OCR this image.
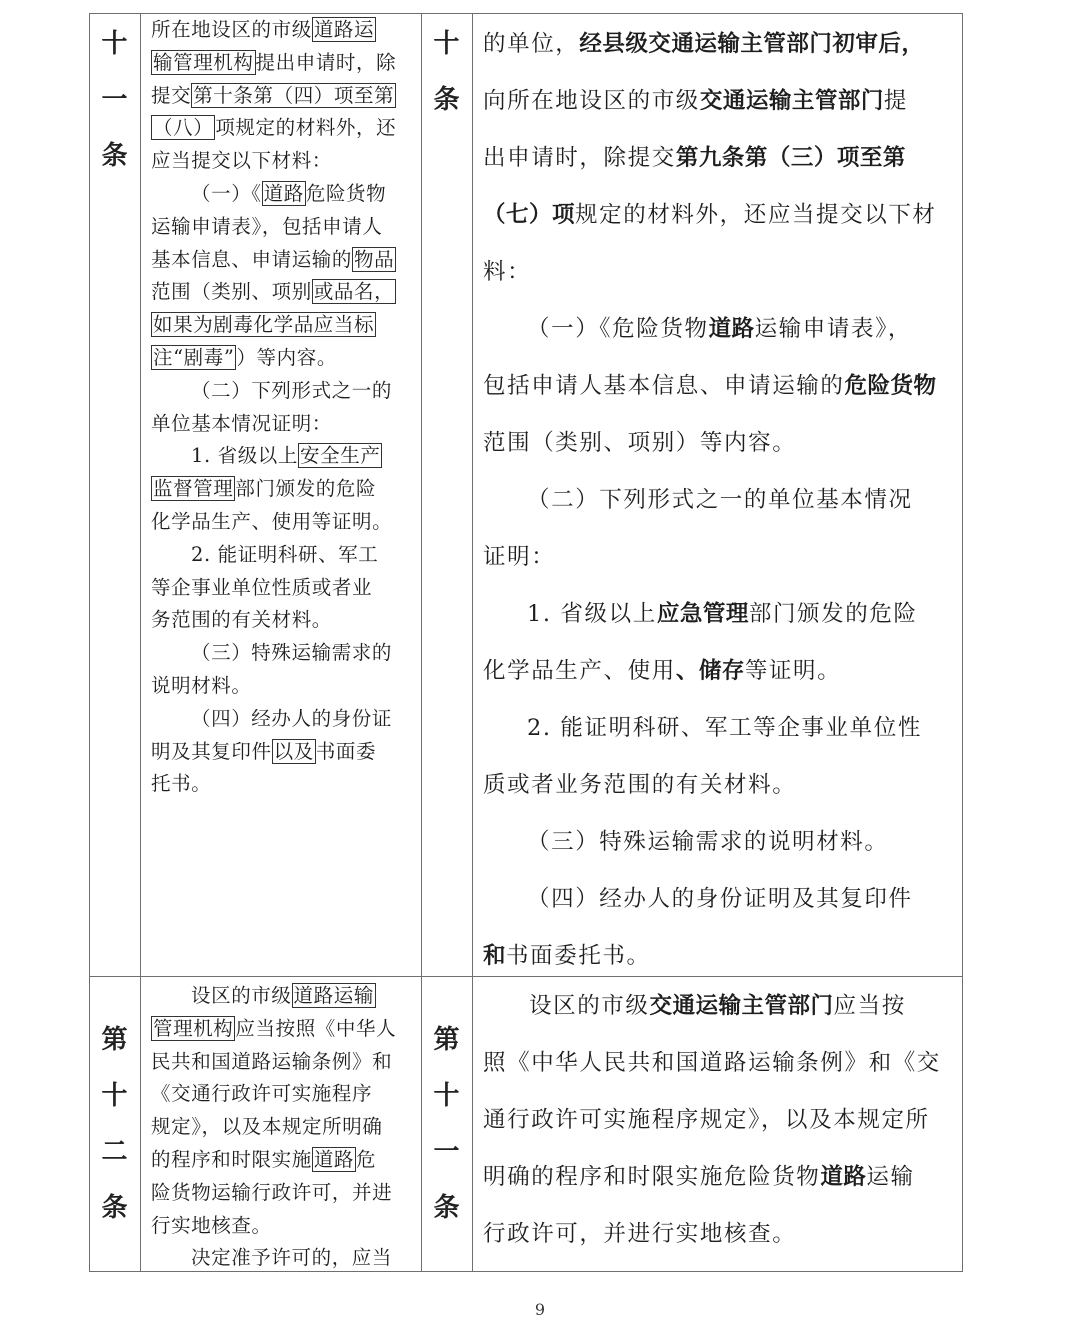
十
一
条

所在地设区的市级 道路运

输管理机构 提出申请时，除

提交 第十条第（四）项至第

（八） 项规定的材料外，还

应当提交以下材料：

（一）《 道路 危险货物

运输申请表》，包括申请人

基本信息、申请运输的 物品

范围（类别、项别 或品名，

如果为剧毒化学品应当标

注“剧毒” ）等内容。

（二）下列形式之一的

单位基本情况证明：

1. 省级以上 安全生产

监督管理 部门颁发的危险

化学品生产、使用等证明。

2. 能证明科研、军工

等企事业单位性质或者业

务范围的有关材料。

（三）特殊运输需求的

说明材料。

（四）经办人的身份证

明及其复印件 以及 书面委

托书。

十
条

的单位，经县级交通运输主管部门初审后，

向所在地设区的市级交通运输主管部门提

出申请时，除提交第九条第（三）项至第

（七）项规定的材料外，还应当提交以下材

料：

（一）《危险货物道路运输申请表》，

包括申请人基本信息、申请运输的危险货物

范围（类别、项别）等内容。

（二）下列形式之一的单位基本情况

证明：

1. 省级以上应急管理部门颁发的危险

化学品生产、使用、储存等证明。

2. 能证明科研、军工等企事业单位性

质或者业务范围的有关材料。

（三）特殊运输需求的说明材料。

（四）经办人的身份证明及其复印件

和书面委托书。

第
十
二
条

设区的市级 道路运输

管理机构 应当按照《中华人

民共和国道路运输条例》和

《交通行政许可实施程序

规定》，以及本规定所明确

的程序和时限实施 道路 危

险货物运输行政许可，并进

行实地核查。

决定准予许可的，应当

第
十
一
条

设区的市级交通运输主管部门应当按

照《中华人民共和国道路运输条例》和《交

通行政许可实施程序规定》，以及本规定所

明确的程序和时限实施危险货物道路运输

行政许可，并进行实地核查。

9
